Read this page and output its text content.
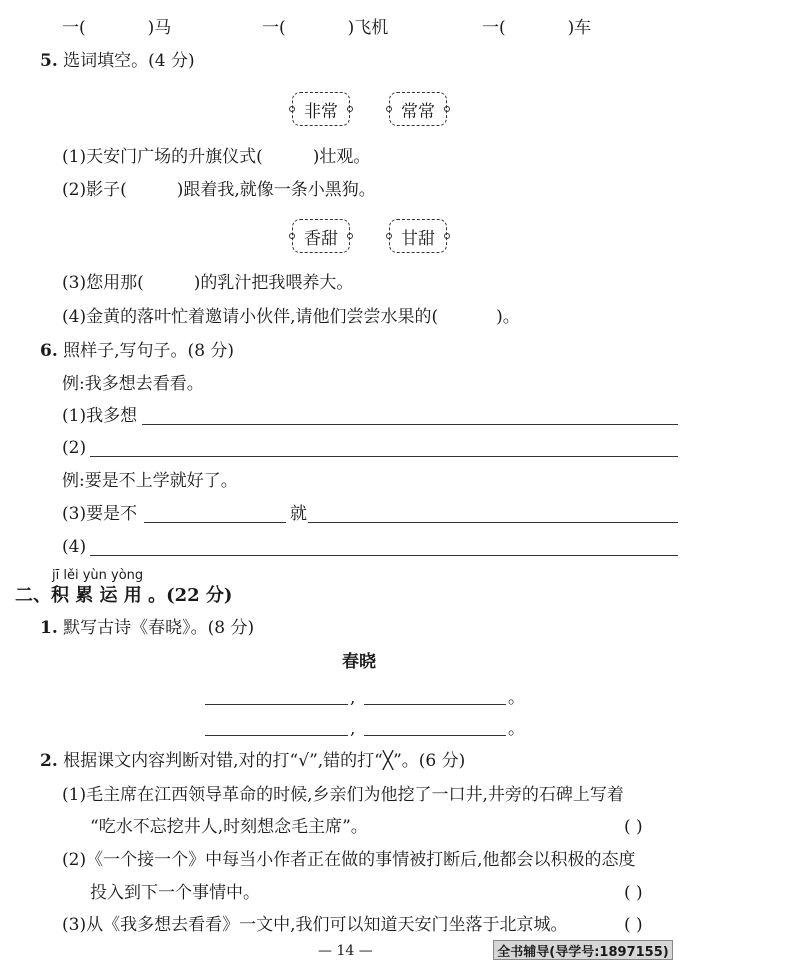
一(	)马	一(	)飞机	一(	)车
5. 选词填空。(4 分)
非常	常常
(1)天安门广场的升旗仪式(	)壮观。
(2)影子(	)跟着我,就像一条小黑狗。
香甜	甘甜
(3)您用那(	)的乳汁把我喂养大。
(4)金黄的落叶忙着邀请小伙伴,请他们尝尝水果的(	)。
6. 照样子,写句子。(8 分)
例:我多想去看看。
(1)我多想
(2)
例:要是不上学就好了。
(3)要是不	就
(4)
jī lěi yùn yòng
二、积 累 运 用 。(22 分)
1. 默写古诗《春晓》。(8 分)
春晓
,	。
,	。
2. 根据课文内容判断对错,对的打“√”,错的打“╳”。(6 分)
(1)毛主席在江西领导革命的时候,乡亲们为他挖了一口井,井旁的石碑上写着
“吃水不忘挖井人,时刻想念毛主席”。	( )
(2)《一个接一个》中每当小作者正在做的事情被打断后,他都会以积极的态度
投入到下一个事情中。	( )
(3)从《我多想去看看》一文中,我们可以知道天安门坐落于北京城。	( )
— 14 —	全书辅导(导学号:1897155)
